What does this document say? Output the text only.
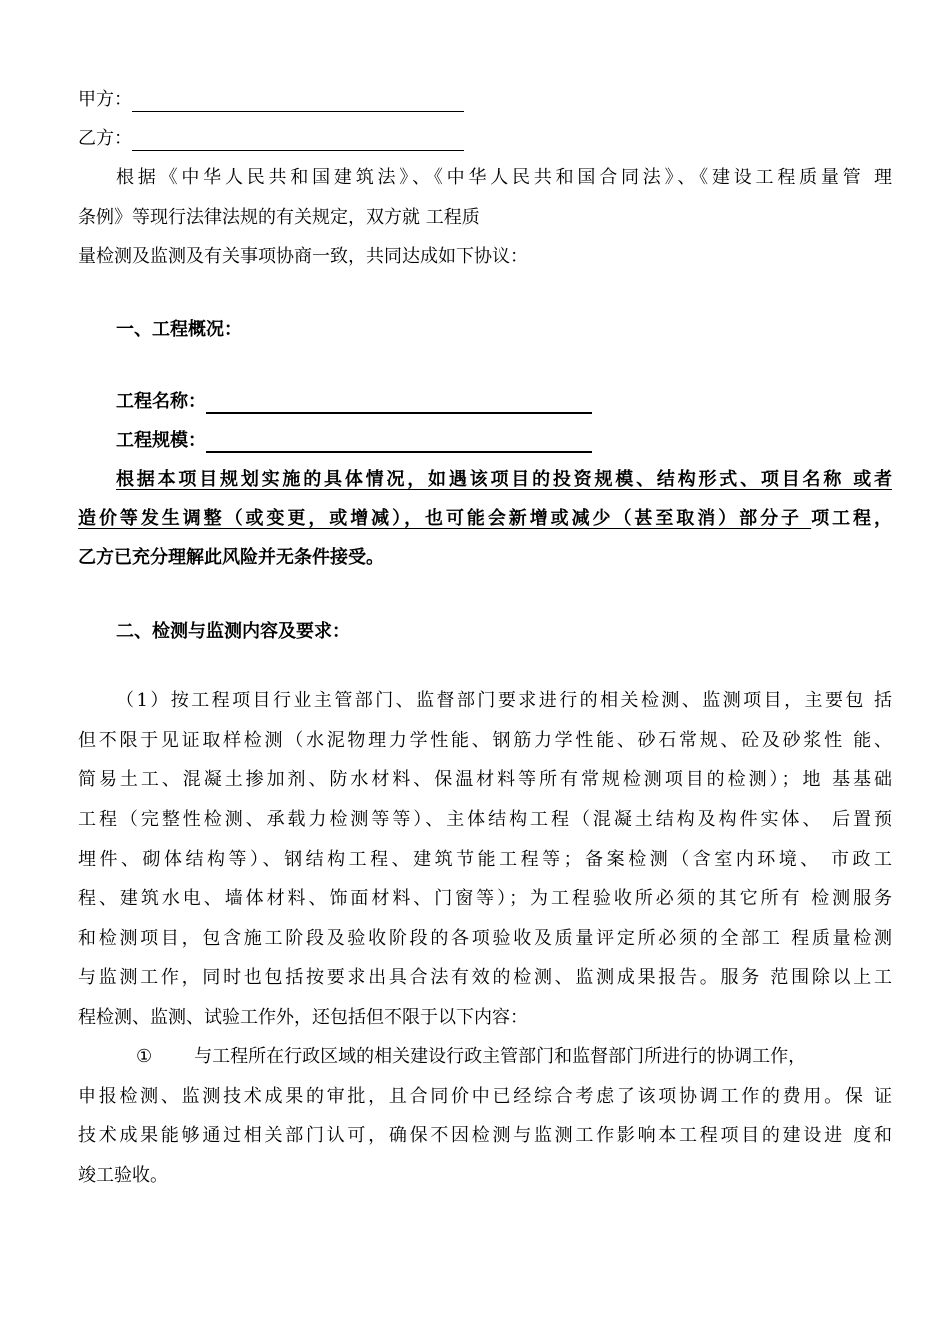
甲方：
乙方：
根据《中华人民共和国建筑法》、《中华人民共和国合同法》、《建设工程质量管 理
条例》等现行法律法规的有关规定，双方就 工程质
量检测及监测及有关事项协商一致，共同达成如下协议：
一、工程概况：
工程名称：
工程规模：
根据本项目规划实施的具体情况，如遇该项目的投资规模、结构形式、项目名称 或者
造价等发生调整（或变更，或增减），也可能会新增或减少（甚至取消）部分子 项工程，
乙方已充分理解此风险并无条件接受。
二、检测与监测内容及要求：
（1）按工程项目行业主管部门、监督部门要求进行的相关检测、监测项目，主要包 括
但不限于见证取样检测（水泥物理力学性能、钢筋力学性能、砂石常规、砼及砂浆性 能、
简易土工、混凝土掺加剂、防水材料、保温材料等所有常规检测项目的检测）；地 基基础
工程（完整性检测、承载力检测等等）、主体结构工程（混凝土结构及构件实体、 后置预
埋件、砌体结构等）、钢结构工程、建筑节能工程等；备案检测（含室内环境、 市政工
程、建筑水电、墙体材料、饰面材料、门窗等）；为工程验收所必须的其它所有 检测服务
和检测项目，包含施工阶段及验收阶段的各项验收及质量评定所必须的全部工 程质量检测
与监测工作，同时也包括按要求出具合法有效的检测、监测成果报告。服务 范围除以上工
程检测、监测、试验工作外，还包括但不限于以下内容：
① 与工程所在行政区域的相关建设行政主管部门和监督部门所进行的协调工作，
申报检测、监测技术成果的审批，且合同价中已经综合考虑了该项协调工作的费用。保 证
技术成果能够通过相关部门认可，确保不因检测与监测工作影响本工程项目的建设进 度和
竣工验收。
